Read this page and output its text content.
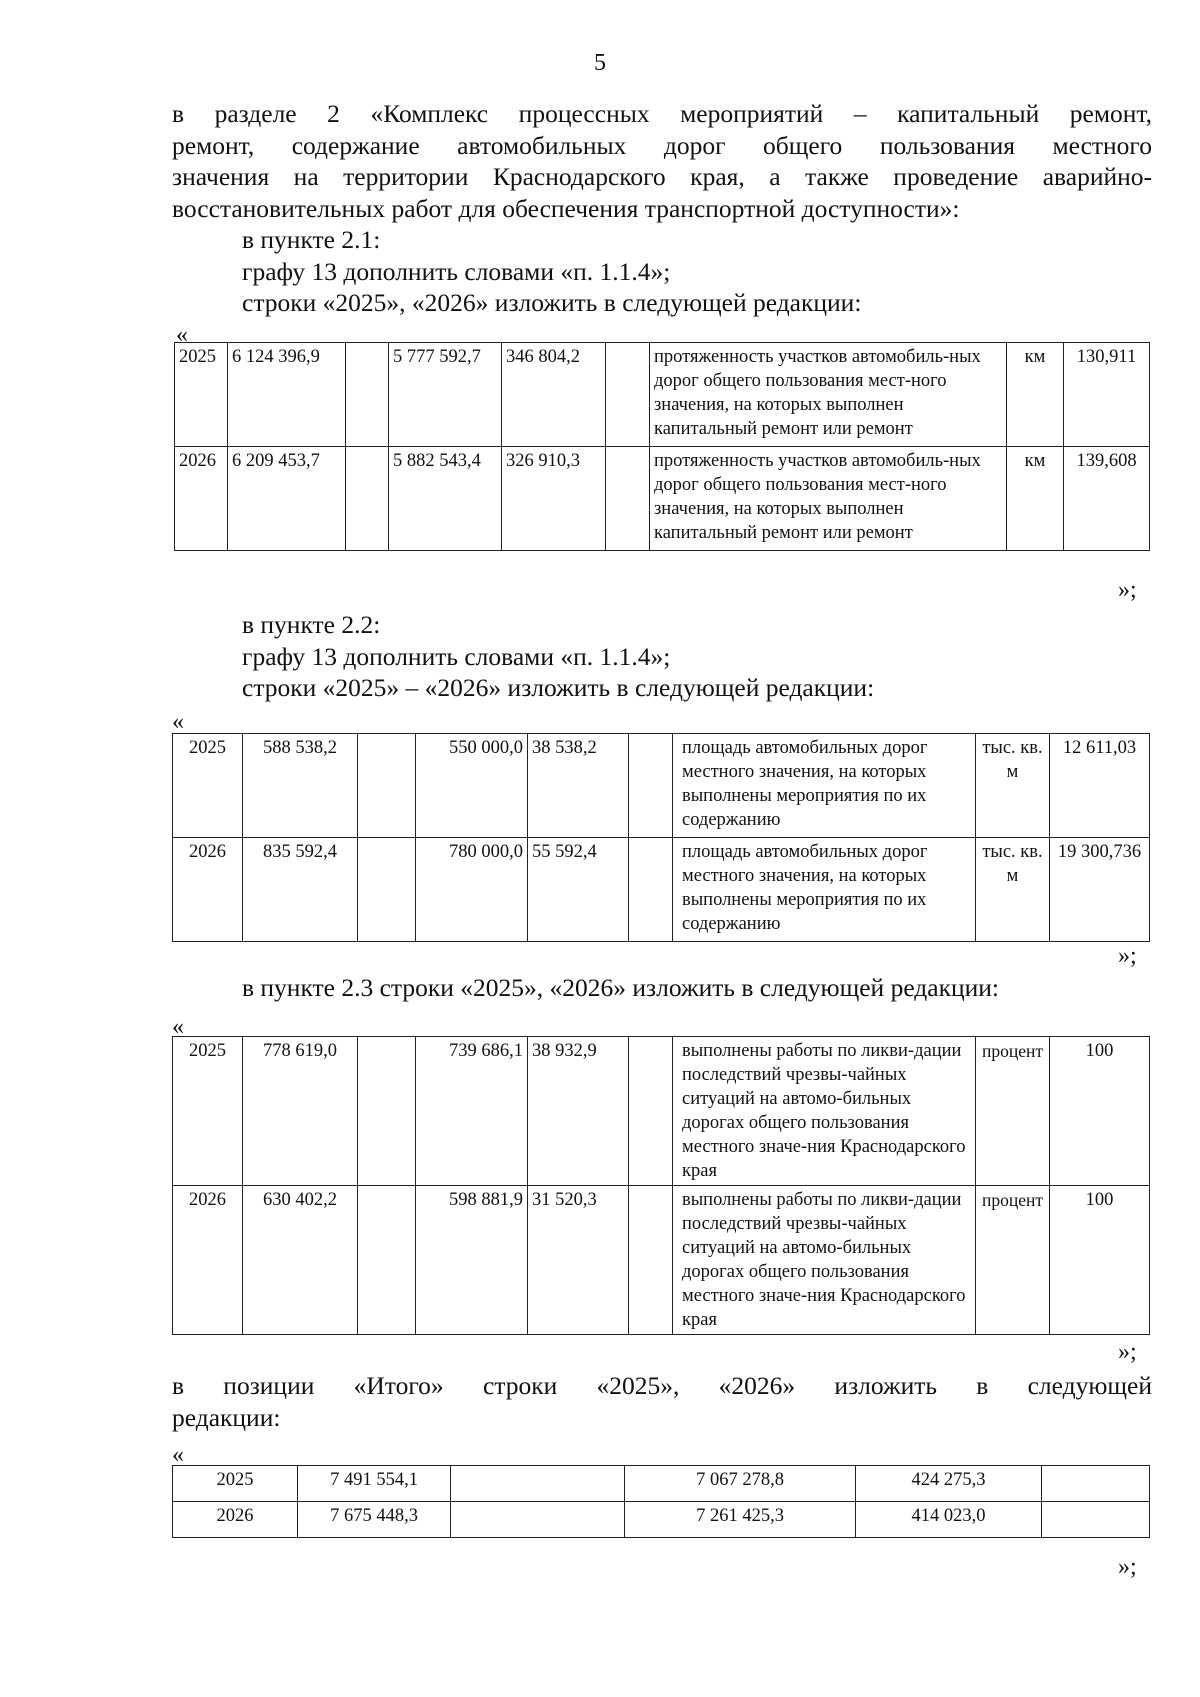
5
в разделе 2 «Комплекс процессных мероприятий – капитальный ремонт,
ремонт, содержание автомобильных дорог общего пользования местного
значения на территории Краснодарского края, а также проведение аварийно-
восстановительных работ для обеспечения транспортной доступности»:
в пункте 2.1:
графу 13 дополнить словами «п. 1.1.4»;
строки «2025», «2026» изложить в следующей редакции:
«
2025	6 124 396,9		5 777 592,7	346 804,2		протяженность участков автомобиль-ных дорог общего пользования мест-ного значения, на которых выполнен капитальный ремонт или ремонт	км	130,911
2026	6 209 453,7		5 882 543,4	326 910,3		протяженность участков автомобиль-ных дорог общего пользования мест-ного значения, на которых выполнен капитальный ремонт или ремонт	км	139,608
»;
в пункте 2.2:
графу 13 дополнить словами «п. 1.1.4»;
строки «2025» – «2026» изложить в следующей редакции:
«
2025	588 538,2		550 000,0	38 538,2		площадь автомобильных дорог местного значения, на которых выполнены мероприятия по их содержанию	тыс. кв. м	12 611,03
2026	835 592,4		780 000,0	55 592,4		площадь автомобильных дорог местного значения, на которых выполнены мероприятия по их содержанию	тыс. кв. м	19 300,736
»;
в пункте 2.3 строки «2025», «2026» изложить в следующей редакции:
«
2025	778 619,0		739 686,1	38 932,9		выполнены работы по ликви-дации последствий чрезвы-чайных ситуаций на автомо-бильных дорогах общего пользования местного значе-ния Краснодарского края	процент	100
2026	630 402,2		598 881,9	31 520,3		выполнены работы по ликви-дации последствий чрезвы-чайных ситуаций на автомо-бильных дорогах общего пользования местного значе-ния Краснодарского края	процент	100
»;
в позиции «Итого» строки «2025», «2026» изложить в следующей
редакции:
«
2025	7 491 554,1		7 067 278,8	424 275,3	
2026	7 675 448,3		7 261 425,3	414 023,0	
»;
